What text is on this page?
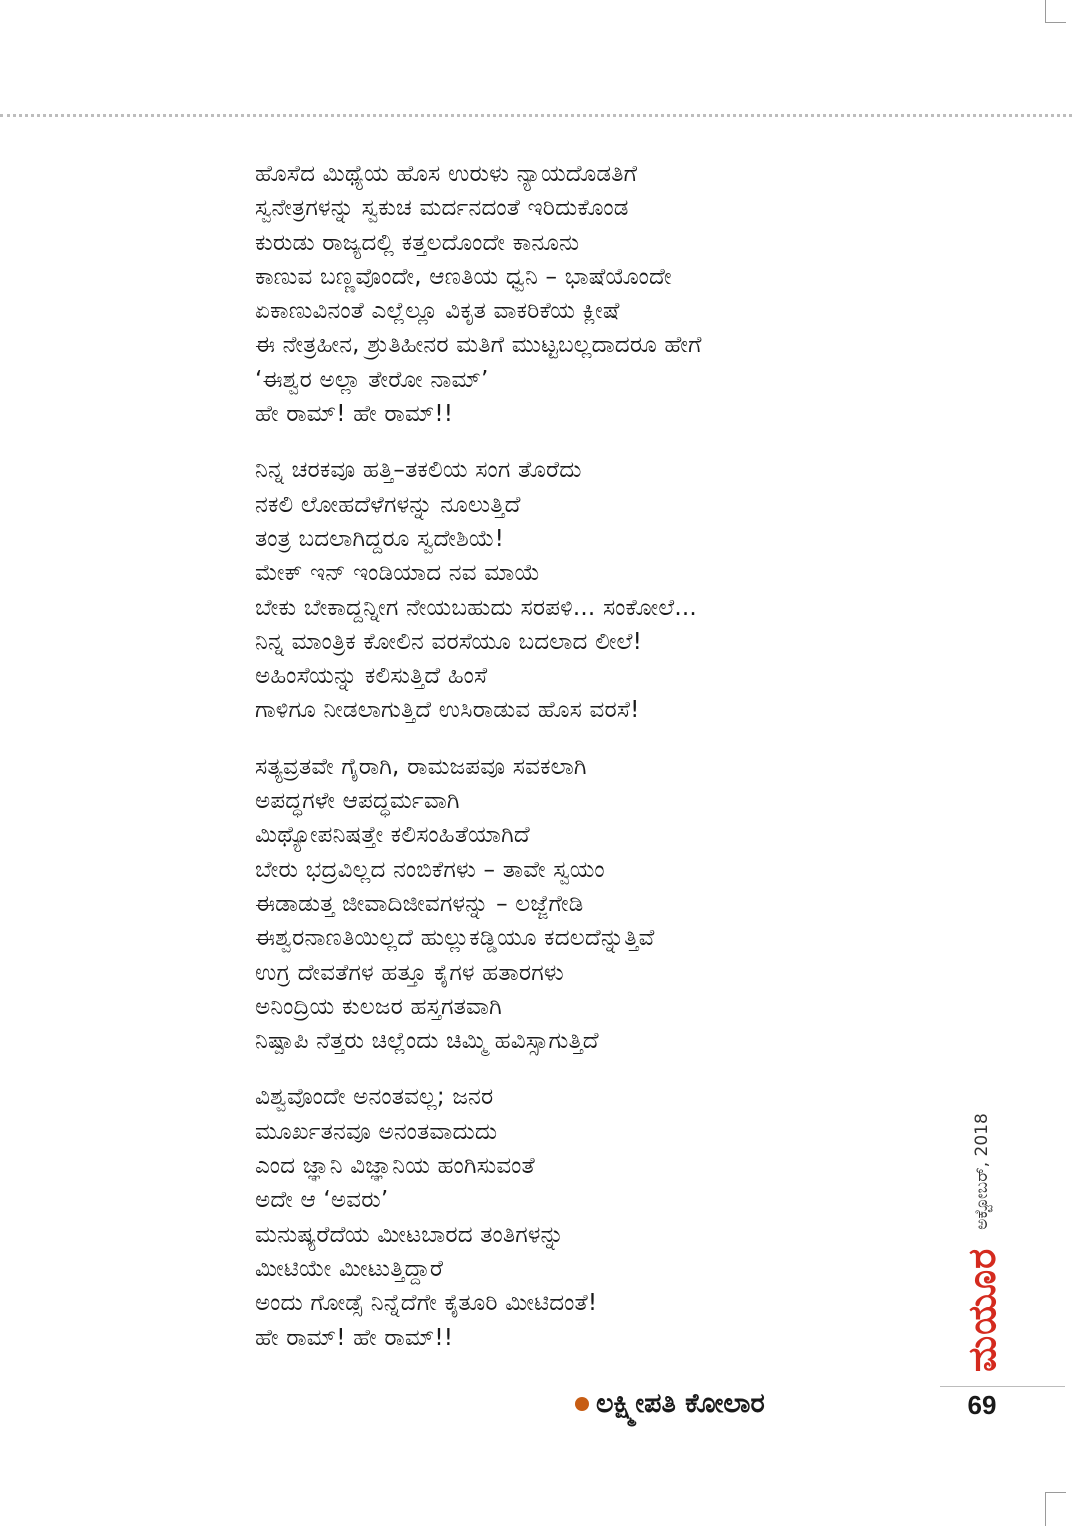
ಹೊಸೆದ ಮಿಥ್ಯೆಯ ಹೊಸ ಉರುಳು ನ್ಯಾಯದೊಡತಿಗೆ
ಸ್ವನೇತ್ರಗಳನ್ನು ಸ್ವಕುಚ ಮರ್ದನದಂತೆ ಇರಿದುಕೊಂಡ
ಕುರುಡು ರಾಜ್ಯದಲ್ಲಿ ಕತ್ತಲದೊಂದೇ ಕಾನೂನು
ಕಾಣುವ ಬಣ್ಣವೊಂದೇ, ಆಣತಿಯ ಧ್ವನಿ – ಭಾಷೆಯೊಂದೇ
ಏಕಾಣುವಿನಂತೆ ಎಲ್ಲೆಲ್ಲೂ ವಿಕೃತ ವಾಕರಿಕೆಯ ಕ್ಲೀಷೆ
ಈ ನೇತ್ರಹೀನ, ಶ್ರುತಿಹೀನರ ಮತಿಗೆ ಮುಟ್ಟಬಲ್ಲದಾದರೂ ಹೇಗೆ
‘ಈಶ್ವರ ಅಲ್ಲಾ ತೇರೋ ನಾಮ್’
ಹೇ ರಾಮ್! ಹೇ ರಾಮ್!!
ನಿನ್ನ ಚರಕವೂ ಹತ್ತಿ–ತಕಲಿಯ ಸಂಗ ತೊರೆದು
ನಕಲಿ ಲೋಹದೆಳೆಗಳನ್ನು ನೂಲುತ್ತಿದೆ
ತಂತ್ರ ಬದಲಾಗಿದ್ದರೂ ಸ್ವದೇಶಿಯೆ!
ಮೇಕ್ ಇನ್ ಇಂಡಿಯಾದ ನವ ಮಾಯೆ
ಬೇಕು ಬೇಕಾದ್ದನ್ನೀಗ ನೇಯಬಹುದು ಸರಪಳಿ... ಸಂಕೋಲೆ...
ನಿನ್ನ ಮಾಂತ್ರಿಕ ಕೋಲಿನ ವರಸೆಯೂ ಬದಲಾದ ಲೀಲೆ!
ಅಹಿಂಸೆಯನ್ನು ಕಲಿಸುತ್ತಿದೆ ಹಿಂಸೆ
ಗಾಳಿಗೂ ನೀಡಲಾಗುತ್ತಿದೆ ಉಸಿರಾಡುವ ಹೊಸ ವರಸೆ!
ಸತ್ಯವ್ರತವೇ ಗೈರಾಗಿ, ರಾಮಜಪವೂ ಸವಕಲಾಗಿ
ಅಪದ್ಧಗಳೇ ಆಪದ್ಧರ್ಮವಾಗಿ
ಮಿಥ್ಯೋಪನಿಷತ್ತೇ ಕಲಿಸಂಹಿತೆಯಾಗಿದೆ
ಬೇರು ಭದ್ರವಿಲ್ಲದ ನಂಬಿಕೆಗಳು – ತಾವೇ ಸ್ವಯಂ
ಈಡಾಡುತ್ತ ಜೀವಾದಿಜೀವಗಳನ್ನು – ಲಜ್ಜೆಗೇಡಿ
ಈಶ್ವರನಾಣತಿಯಿಲ್ಲದೆ ಹುಲ್ಲುಕಡ್ಡಿಯೂ ಕದಲದೆನ್ನುತ್ತಿವೆ
ಉಗ್ರ ದೇವತೆಗಳ ಹತ್ತೂ ಕೈಗಳ ಹತಾರಗಳು
ಅನಿಂದ್ರಿಯ ಕುಲಜರ ಹಸ್ತಗತವಾಗಿ
ನಿಷ್ಪಾಪಿ ನೆತ್ತರು ಚಿಲ್ಲೆಂದು ಚಿಮ್ಮಿ ಹವಿಸ್ಸಾಗುತ್ತಿದೆ
ವಿಶ್ವವೊಂದೇ ಅನಂತವಲ್ಲ; ಜನರ
ಮೂರ್ಖತನವೂ ಅನಂತವಾದುದು
ಎಂದ ಜ್ಞಾನಿ ವಿಜ್ಞಾನಿಯ ಹಂಗಿಸುವಂತೆ
ಅದೇ ಆ ‘ಅವರು’
ಮನುಷ್ಯರೆದೆಯ ಮೀಟಬಾರದ ತಂತಿಗಳನ್ನು
ಮೀಟಿಯೇ ಮೀಟುತ್ತಿದ್ದಾರೆ
ಅಂದು ಗೋಡ್ಸೆ ನಿನ್ನೆದೆಗೇ ಕೈತೂರಿ ಮೀಟಿದಂತೆ!
ಹೇ ರಾಮ್! ಹೇ ರಾಮ್!!
ಲಕ್ಷ್ಮೀಪತಿ ಕೋಲಾರ
ಮಯೂರ
ಅಕ್ಟೋಬರ್, 2018
69
